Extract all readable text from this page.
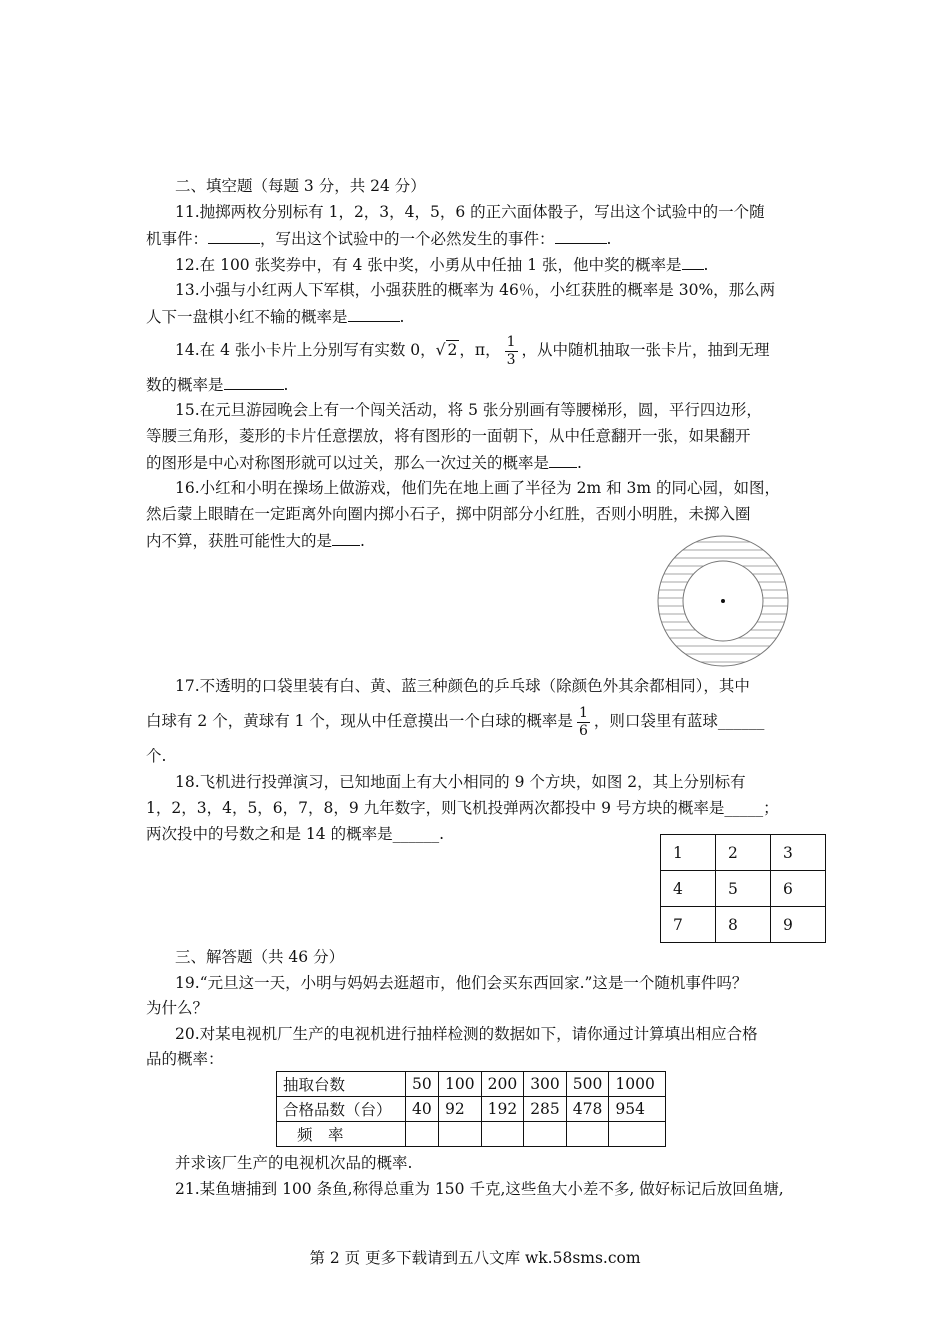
二、填空题（每题 3 分，共 24 分）
11.抛掷两枚分别标有 1，2，3，4，5，6 的正六面体骰子，写出这个试验中的一个随
机事件：	，写出这个试验中的一个必然发生的事件：	.
12.在 100 张奖券中，有 4 张中奖，小勇从中任抽 1 张，他中奖的概率是 .
13.小强与小红两人下军棋，小强获胜的概率为 46％，小红获胜的概率是 30%，那么两
人下一盘棋小红不输的概率是	.
14.在 4 张小卡片上分别写有实数 0，√ 2 ，π， $\frac{1}{3}$ ，从中随机抽取一张卡片，抽到无理
数的概率是	.
15.在元旦游园晚会上有一个闯关活动，将 5 张分别画有等腰梯形，圆，平行四边形，
等腰三角形，菱形的卡片任意摆放，将有图形的一面朝下，从中任意翻开一张，如果翻开
的图形是中心对称图形就可以过关，那么一次过关的概率是 .
16.小红和小明在操场上做游戏，他们先在地上画了半径为 2m 和 3m 的同心园，如图，
然后蒙上眼睛在一定距离外向圈内掷小石子，掷中阴部分小红胜，否则小明胜，未掷入圈
内不算，获胜可能性大的是 .
17.不透明的口袋里装有白、黄、蓝三种颜色的乒乓球（除颜色外其余都相同），其中
白球有 2 个，黄球有 1 个，现从中任意摸出一个白球的概率是 $\frac{1}{6}$ ，则口袋里有蓝球______
个.
18.飞机进行投弹演习，已知地面上有大小相同的 9 个方块，如图 2，其上分别标有
1，2，3，4，5，6，7，8，9 九年数字，则飞机投弹两次都投中 9 号方块的概率是_____；
两次投中的号数之和是 14 的概率是______.
1	2	3
4	5	6
7	8	9
三、解答题（共 46 分）
19.“元旦这一天，小明与妈妈去逛超市，他们会买东西回家.”这是一个随机事件吗？
为什么？
20.对某电视机厂生产的电视机进行抽样检测的数据如下，请你通过计算填出相应合格
品的概率：
抽取台数	50	100	200	300	500	1000
合格品数（台）	40	92	192	285	478	954
频　率						
并求该厂生产的电视机次品的概率.
21.某鱼塘捕到 100 条鱼,称得总重为 150 千克,这些鱼大小差不多, 做好标记后放回鱼塘,
第 2 页 更多下载请到五八文库 wk.58sms.com
